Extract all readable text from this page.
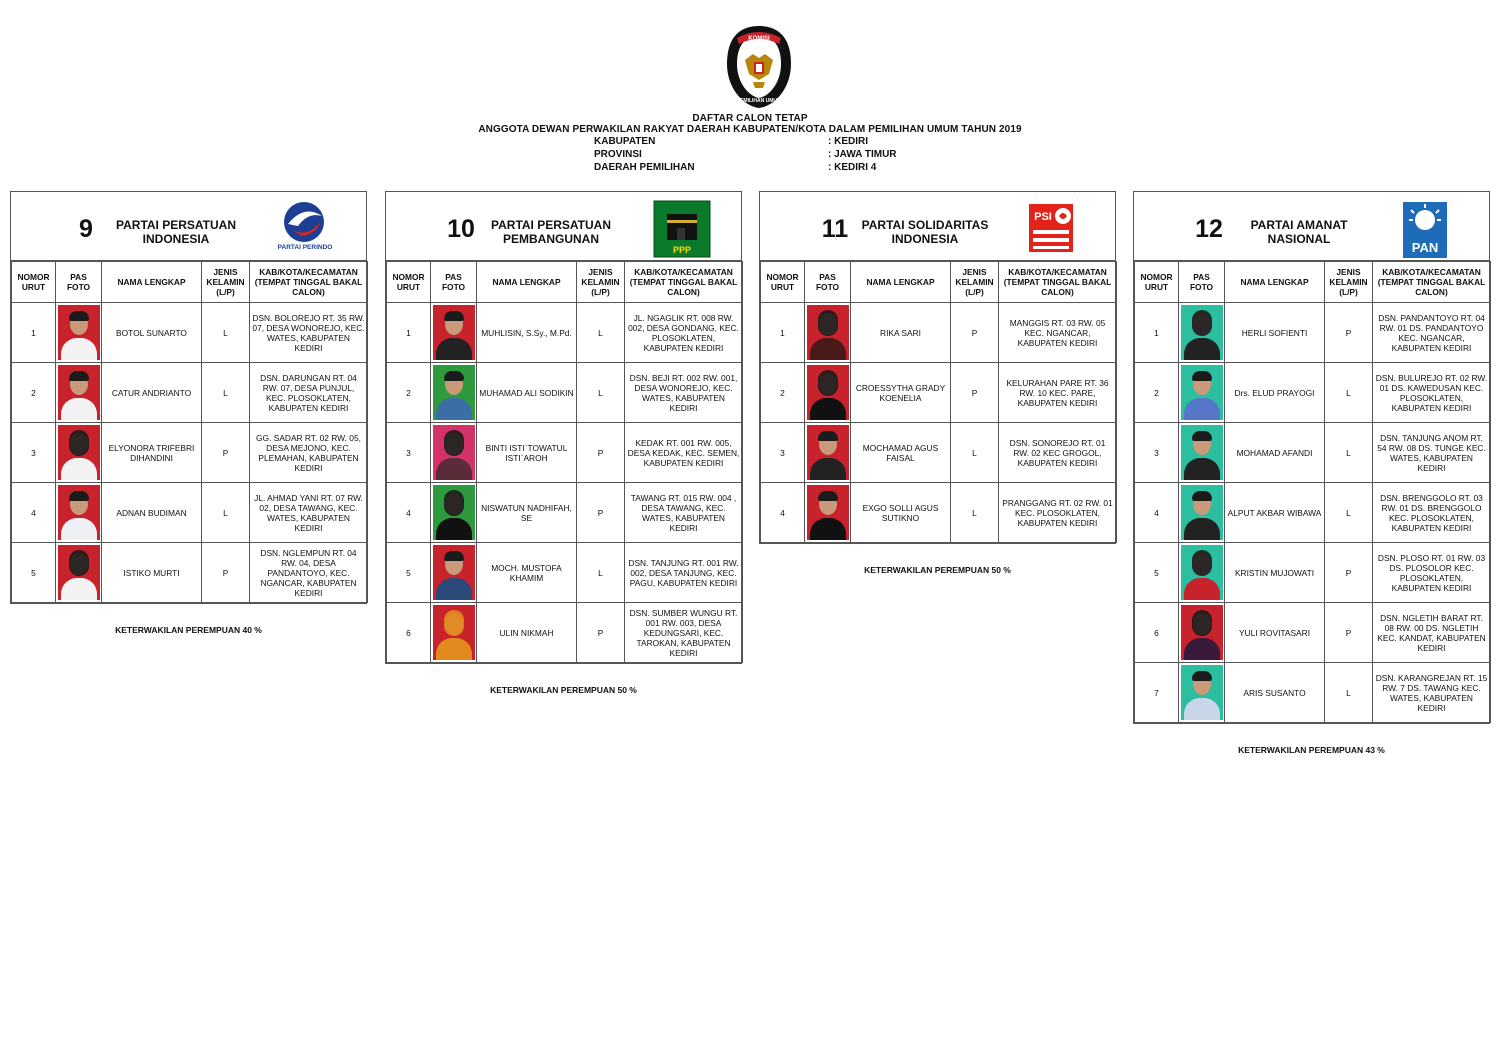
KOMISI
PEMILIHAN UMUM
DAFTAR CALON TETAP
ANGGOTA DEWAN PERWAKILAN RAKYAT DAERAH KABUPATEN/KOTA DALAM PEMILIHAN UMUM TAHUN 2019
KABUPATEN	: KEDIRI
PROVINSI	: JAWA TIMUR
DAERAH PEMILIHAN	: KEDIRI 4
9	PARTAI PERSATUAN INDONESIA
PARTAI PERINDO
NOMOR URUT	PAS FOTO	NAMA LENGKAP	JENIS KELAMIN (L/P)	KAB/KOTA/KECAMATAN (TEMPAT TINGGAL BAKAL CALON)
1		BOTOL SUNARTO	L	DSN. BOLOREJO RT. 35 RW. 07, DESA WONOREJO, KEC. WATES, KABUPATEN KEDIRI
2		CATUR ANDRIANTO	L	DSN. DARUNGAN RT. 04 RW. 07, DESA PUNJUL, KEC. PLOSOKLATEN, KABUPATEN KEDIRI
3		ELYONORA TRIFEBRI DIHANDINI	P	GG. SADAR RT. 02 RW. 05, DESA MEJONO, KEC. PLEMAHAN, KABUPATEN KEDIRI
4		ADNAN BUDIMAN	L	JL. AHMAD YANI RT. 07 RW. 02, DESA TAWANG, KEC. WATES, KABUPATEN KEDIRI
5		ISTIKO MURTI	P	DSN. NGLEMPUN RT. 04 RW. 04, DESA PANDANTOYO, KEC. NGANCAR, KABUPATEN KEDIRI
KETERWAKILAN PEREMPUAN 40 %
10	PARTAI PERSATUAN PEMBANGUNAN
PPP
NOMOR URUT	PAS FOTO	NAMA LENGKAP	JENIS KELAMIN (L/P)	KAB/KOTA/KECAMATAN (TEMPAT TINGGAL BAKAL CALON)
1		MUHLISIN, S.Sy., M.Pd.	L	JL. NGAGLIK RT. 008 RW. 002, DESA GONDANG, KEC. PLOSOKLATEN, KABUPATEN KEDIRI
2		MUHAMAD ALI SODIKIN	L	DSN. BEJI RT. 002 RW. 001, DESA WONOREJO, KEC. WATES, KABUPATEN KEDIRI
3		BINTI ISTI`TOWATUL ISTI`AROH	P	KEDAK RT. 001 RW. 005, DESA KEDAK, KEC. SEMEN, KABUPATEN KEDIRI
4		NISWATUN NADHIFAH, SE	P	TAWANG RT. 015 RW. 004 , DESA TAWANG, KEC. WATES, KABUPATEN KEDIRI
5		MOCH. MUSTOFA KHAMIM	L	DSN. TANJUNG RT. 001 RW. 002, DESA TANJUNG, KEC. PAGU, KABUPATEN KEDIRI
6		ULIN NIKMAH	P	DSN. SUMBER WUNGU RT. 001 RW. 003, DESA KEDUNGSARI, KEC. TAROKAN, KABUPATEN KEDIRI
KETERWAKILAN PEREMPUAN 50 %
11	PARTAI SOLIDARITAS INDONESIA
PSI
NOMOR URUT	PAS FOTO	NAMA LENGKAP	JENIS KELAMIN (L/P)	KAB/KOTA/KECAMATAN (TEMPAT TINGGAL BAKAL CALON)
1		RIKA SARI	P	MANGGIS RT. 03 RW. 05 KEC. NGANCAR, KABUPATEN KEDIRI
2		CROESSYTHA GRADY KOENELIA	P	KELURAHAN PARE RT. 36 RW. 10 KEC. PARE, KABUPATEN KEDIRI
3		MOCHAMAD AGUS FAISAL	L	DSN. SONOREJO RT. 01 RW. 02 KEC GROGOL, KABUPATEN KEDIRI
4		EXGO SOLLI AGUS SUTIKNO	L	PRANGGANG RT. 02 RW. 01 KEC. PLOSOKLATEN, KABUPATEN KEDIRI
KETERWAKILAN PEREMPUAN 50 %
12	PARTAI AMANAT NASIONAL
PAN
NOMOR URUT	PAS FOTO	NAMA LENGKAP	JENIS KELAMIN (L/P)	KAB/KOTA/KECAMATAN (TEMPAT TINGGAL BAKAL CALON)
1		HERLI SOFIENTI	P	DSN. PANDANTOYO RT. 04 RW. 01 DS. PANDANTOYO KEC. NGANCAR, KABUPATEN KEDIRI
2		Drs. ELUD PRAYOGI	L	DSN. BULUREJO RT. 02 RW. 01 DS. KAWEDUSAN KEC. PLOSOKLATEN, KABUPATEN KEDIRI
3		MOHAMAD AFANDI	L	DSN. TANJUNG ANOM RT. 54 RW. 08 DS. TUNGE KEC. WATES, KABUPATEN KEDIRI
4		ALPUT AKBAR WIBAWA	L	DSN. BRENGGOLO RT. 03 RW. 01 DS. BRENGGOLO KEC. PLOSOKLATEN, KABUPATEN KEDIRI
5		KRISTIN MUJOWATI	P	DSN. PLOSO RT. 01 RW. 03 DS. PLOSOLOR KEC. PLOSOKLATEN, KABUPATEN KEDIRI
6		YULI ROVITASARI	P	DSN. NGLETIH BARAT RT. 08 RW. 00 DS. NGLETIH KEC. KANDAT, KABUPATEN KEDIRI
7		ARIS SUSANTO	L	DSN. KARANGREJAN RT. 15 RW. 7 DS. TAWANG KEC. WATES, KABUPATEN KEDIRI
KETERWAKILAN PEREMPUAN 43 %
